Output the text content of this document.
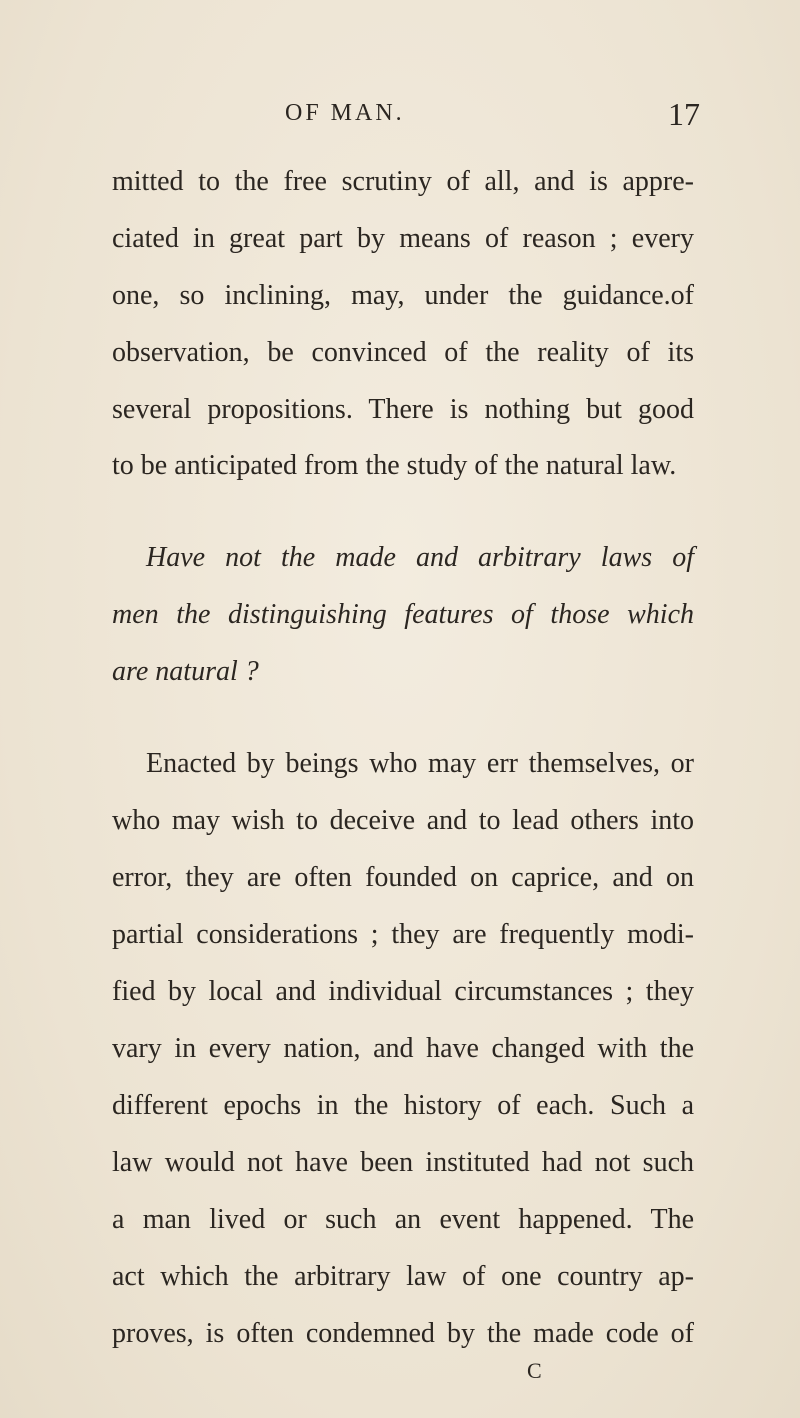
OF MAN.	17
mitted to the free scrutiny of all, and is appre-
ciated in great part by means of reason ; every
one, so inclining, may, under the guidance.of
observation, be convinced of the reality of its
several propositions. There is nothing but good
to be anticipated from the study of the natural law.
Have not the made and arbitrary laws of
men the distinguishing features of those which
are natural ?
Enacted by beings who may err themselves, or
who may wish to deceive and to lead others into
error, they are often founded on caprice, and on
partial considerations ; they are frequently modi-
fied by local and individual circumstances ; they
vary in every nation, and have changed with the
different epochs in the history of each. Such a
law would not have been instituted had not such
a man lived or such an event happened. The
act which the arbitrary law of one country ap-
proves, is often condemned by the made code of
C
